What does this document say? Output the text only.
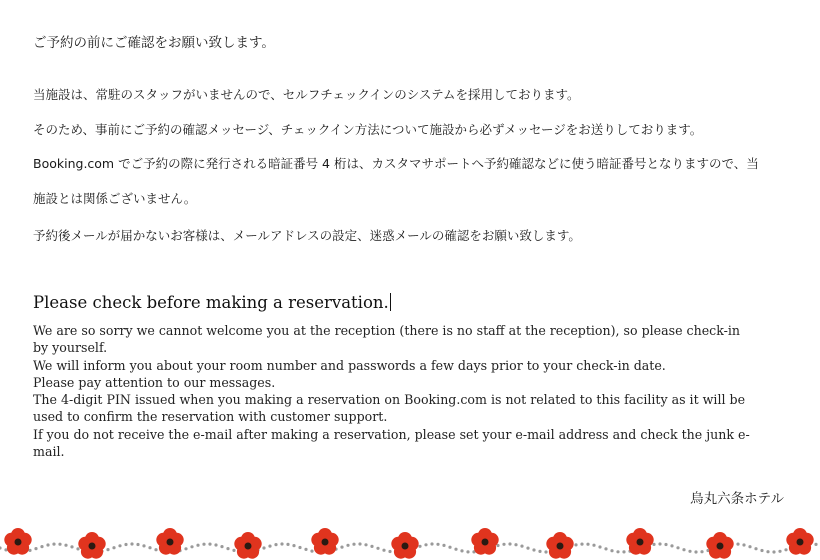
ご予約の前にご確認をお願い致します。
当施設は、常駐のスタッフがいませんので、セルフチェックインのシステムを採用しております。
そのため、事前にご予約の確認メッセージ、チェックイン方法について施設から必ずメッセージをお送りしております。
Booking.com でご予約の際に発行される暗証番号 4 桁は、カスタマサポートへ予約確認などに使う暗証番号となりますので、当
施設とは関係ございません。
予約後メールが届かないお客様は、メールアドレスの設定、迷惑メールの確認をお願い致します。
Please check before making a reservation.
We are so sorry we cannot welcome you at the reception (there is no staff at the reception), so please check-in
by yourself.
We will inform you about your room number and passwords a few days prior to your check-in date.
Please pay attention to our messages.
The 4-digit PIN issued when you making a reservation on Booking.com is not related to this facility as it will be
used to confirm the reservation with customer support.
If you do not receive the e-mail after making a reservation, please set your e-mail address and check the junk e-
mail.
烏丸六条ホテル
